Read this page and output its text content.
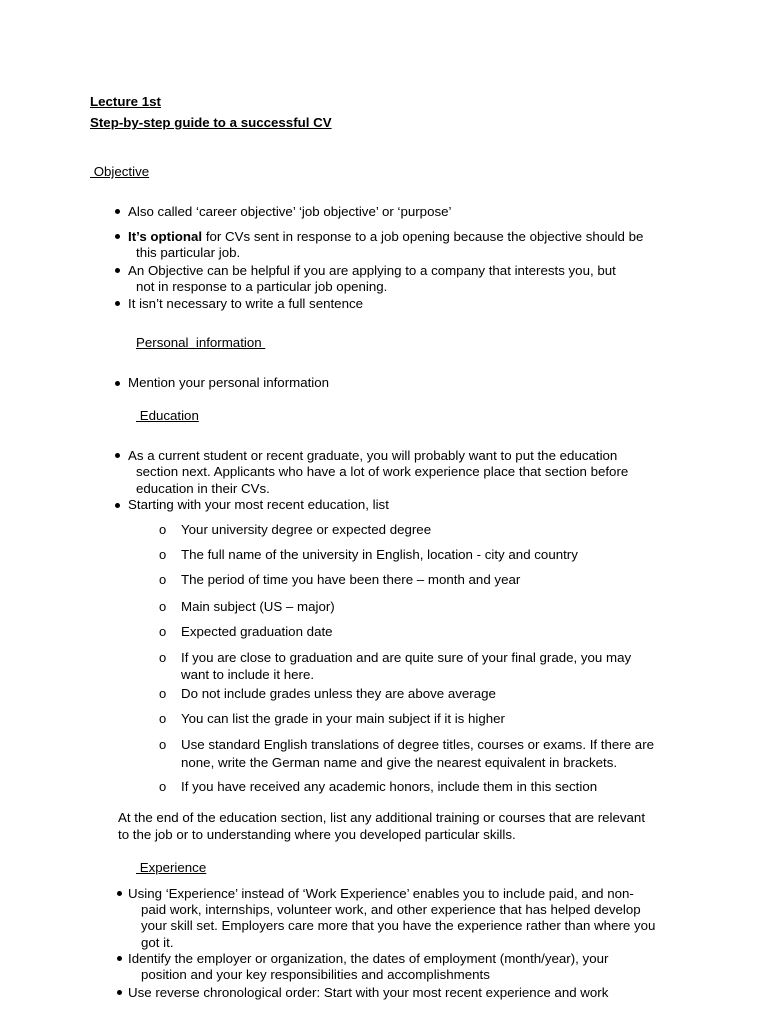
Lecture 1st
Step-by-step guide to a successful CV
Objective
Also called ‘career objective’ ‘job objective’ or ‘purpose’
It’s optional for CVs sent in response to a job opening because the objective should be
this particular job.
An Objective can be helpful if you are applying to a company that interests you, but
not in response to a particular job opening.
It isn’t necessary to write a full sentence
Personal  information
Mention your personal information
Education
As a current student or recent graduate, you will probably want to put the education
section next. Applicants who have a lot of work experience place that section before
education in their CVs.
Starting with your most recent education, list
o Your university degree or expected degree
o The full name of the university in English, location - city and country
o The period of time you have been there – month and year
o Main subject (US – major)
o Expected graduation date
o If you are close to graduation and are quite sure of your final grade, you may
want to include it here.
o Do not include grades unless they are above average
o You can list the grade in your main subject if it is higher
o Use standard English translations of degree titles, courses or exams. If there are
none, write the German name and give the nearest equivalent in brackets.
o If you have received any academic honors, include them in this section
At the end of the education section, list any additional training or courses that are relevant
to the job or to understanding where you developed particular skills.
Experience
Using ‘Experience’ instead of ‘Work Experience’ enables you to include paid, and non-
paid work, internships, volunteer work, and other experience that has helped develop
your skill set. Employers care more that you have the experience rather than where you
got it.
Identify the employer or organization, the dates of employment (month/year), your
position and your key responsibilities and accomplishments
Use reverse chronological order: Start with your most recent experience and work
